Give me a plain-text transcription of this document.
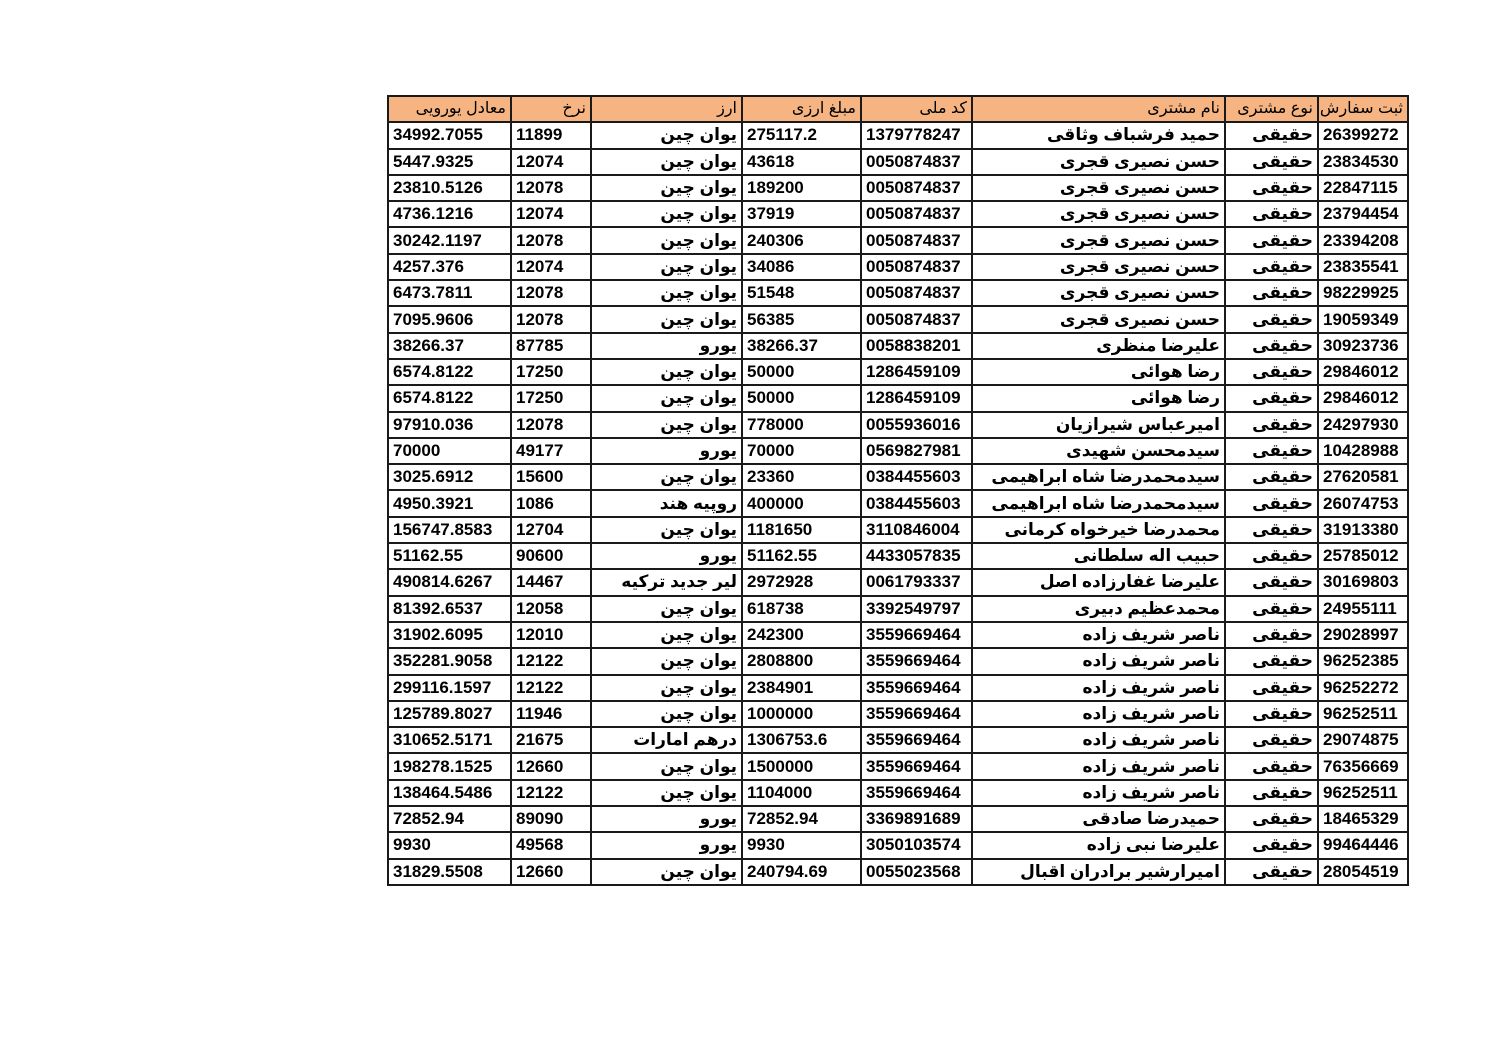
ثبت سفارش	نوع مشتری	نام مشتری	کد ملی	مبلغ ارزی	ارز	نرخ	معادل یورویی
26399272	حقیقی	حمید فرشباف وثاقی	1379778247	275117.2	یوان چین	11899	34992.7055
23834530	حقیقی	حسن نصیری قجری	0050874837	43618	یوان چین	12074	5447.9325
22847115	حقیقی	حسن نصیری قجری	0050874837	189200	یوان چین	12078	23810.5126
23794454	حقیقی	حسن نصیری قجری	0050874837	37919	یوان چین	12074	4736.1216
23394208	حقیقی	حسن نصیری قجری	0050874837	240306	یوان چین	12078	30242.1197
23835541	حقیقی	حسن نصیری قجری	0050874837	34086	یوان چین	12074	4257.376
98229925	حقیقی	حسن نصیری قجری	0050874837	51548	یوان چین	12078	6473.7811
19059349	حقیقی	حسن نصیری قجری	0050874837	56385	یوان چین	12078	7095.9606
30923736	حقیقی	علیرضا منظری	0058838201	38266.37	یورو	87785	38266.37
29846012	حقیقی	رضا هوائی	1286459109	50000	یوان چین	17250	6574.8122
29846012	حقیقی	رضا هوائی	1286459109	50000	یوان چین	17250	6574.8122
24297930	حقیقی	امیرعباس شیرازیان	0055936016	778000	یوان چین	12078	97910.036
10428988	حقیقی	سیدمحسن شهیدی	0569827981	70000	یورو	49177	70000
27620581	حقیقی	سیدمحمدرضا شاه ابراهیمی	0384455603	23360	یوان چین	15600	3025.6912
26074753	حقیقی	سیدمحمدرضا شاه ابراهیمی	0384455603	400000	روپیه هند	1086	4950.3921
31913380	حقیقی	محمدرضا خیرخواه کرمانی	3110846004	1181650	یوان چین	12704	156747.8583
25785012	حقیقی	حبیب اله سلطانی	4433057835	51162.55	یورو	90600	51162.55
30169803	حقیقی	علیرضا غفارزاده اصل	0061793337	2972928	لیر جدید ترکیه	14467	490814.6267
24955111	حقیقی	محمدعظیم دبیری	3392549797	618738	یوان چین	12058	81392.6537
29028997	حقیقی	ناصر شریف زاده	3559669464	242300	یوان چین	12010	31902.6095
96252385	حقیقی	ناصر شریف زاده	3559669464	2808800	یوان چین	12122	352281.9058
96252272	حقیقی	ناصر شریف زاده	3559669464	2384901	یوان چین	12122	299116.1597
96252511	حقیقی	ناصر شریف زاده	3559669464	1000000	یوان چین	11946	125789.8027
29074875	حقیقی	ناصر شریف زاده	3559669464	1306753.6	درهم امارات	21675	310652.5171
76356669	حقیقی	ناصر شریف زاده	3559669464	1500000	یوان چین	12660	198278.1525
96252511	حقیقی	ناصر شریف زاده	3559669464	1104000	یوان چین	12122	138464.5486
18465329	حقیقی	حمیدرضا صادقی	3369891689	72852.94	یورو	89090	72852.94
99464446	حقیقی	علیرضا نبی زاده	3050103574	9930	یورو	49568	9930
28054519	حقیقی	امیرارشیر برادران اقبال	0055023568	240794.69	یوان چین	12660	31829.5508
